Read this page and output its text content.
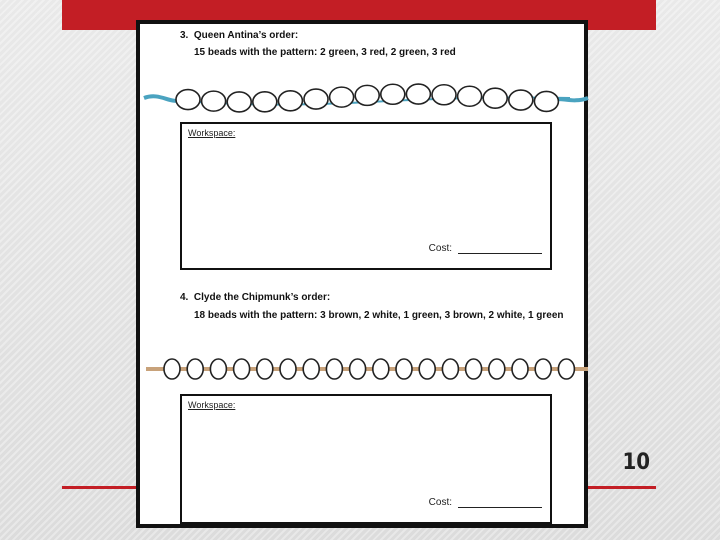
10
3. Queen Antina’s order:
15 beads with the pattern: 2 green, 3 red, 2 green, 3 red
Workspace:
Cost:
4. Clyde the Chipmunk’s order:
18 beads with the pattern: 3 brown, 2 white, 1 green, 3 brown, 2 white, 1 green
Workspace:
Cost:
